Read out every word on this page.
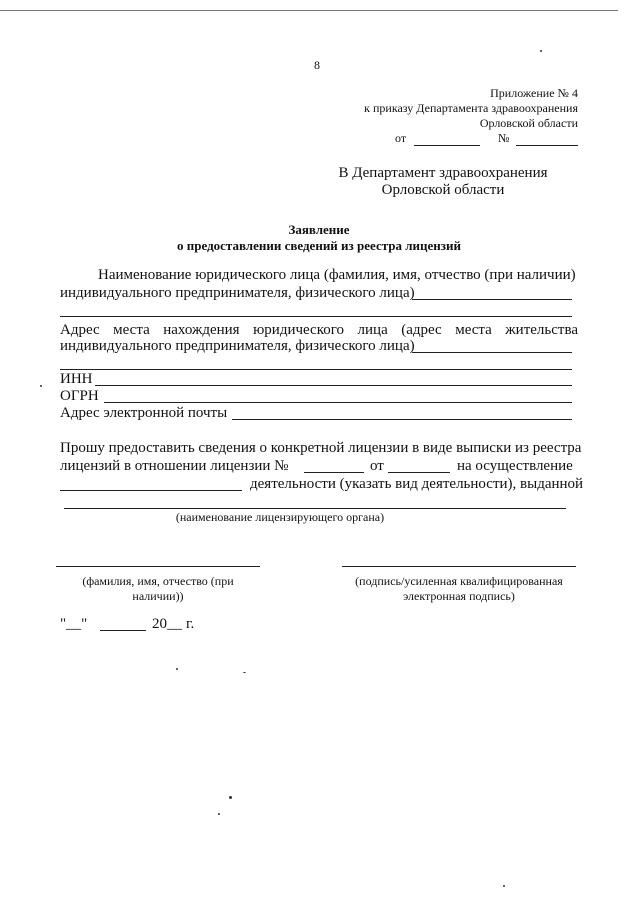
8
Приложение № 4
к приказу Департамента здравоохранения
Орловской области
от	№
В Департамент здравоохранения
Орловской области
Заявление
о предоставлении сведений из реестра лицензий
Наименование юридического лица (фамилия, имя, отчество (при наличии)
индивидуального предпринимателя, физического лица)
Адрес места нахождения юридического лица (адрес места жительства
индивидуального предпринимателя, физического лица)
ИНН
ОГРН
Адрес электронной почты
Прошу предоставить сведения о конкретной лицензии в виде выписки из реестра
лицензий в отношении лицензии №	от	на осуществление
деятельности (указать вид деятельности), выданной
(наименование лицензирующего органа)
(фамилия, имя, отчество (при
наличии))
(подпись/усиленная квалифицированная
электронная подпись)
"__"	20__ г.
